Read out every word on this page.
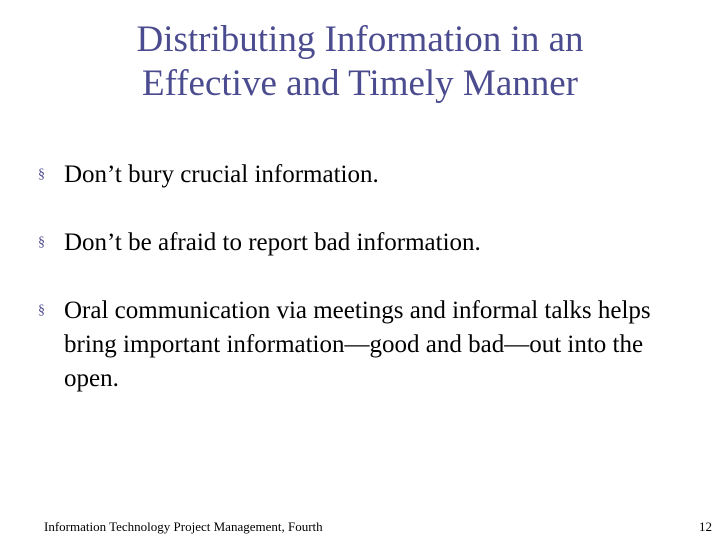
Distributing Information in an
Effective and Timely Manner
§ Don’t bury crucial information.
§ Don’t be afraid to report bad information.
§ Oral communication via meetings and informal talks helps bring important information—good and bad—out into the open.
Information Technology Project Management, Fourth	12
